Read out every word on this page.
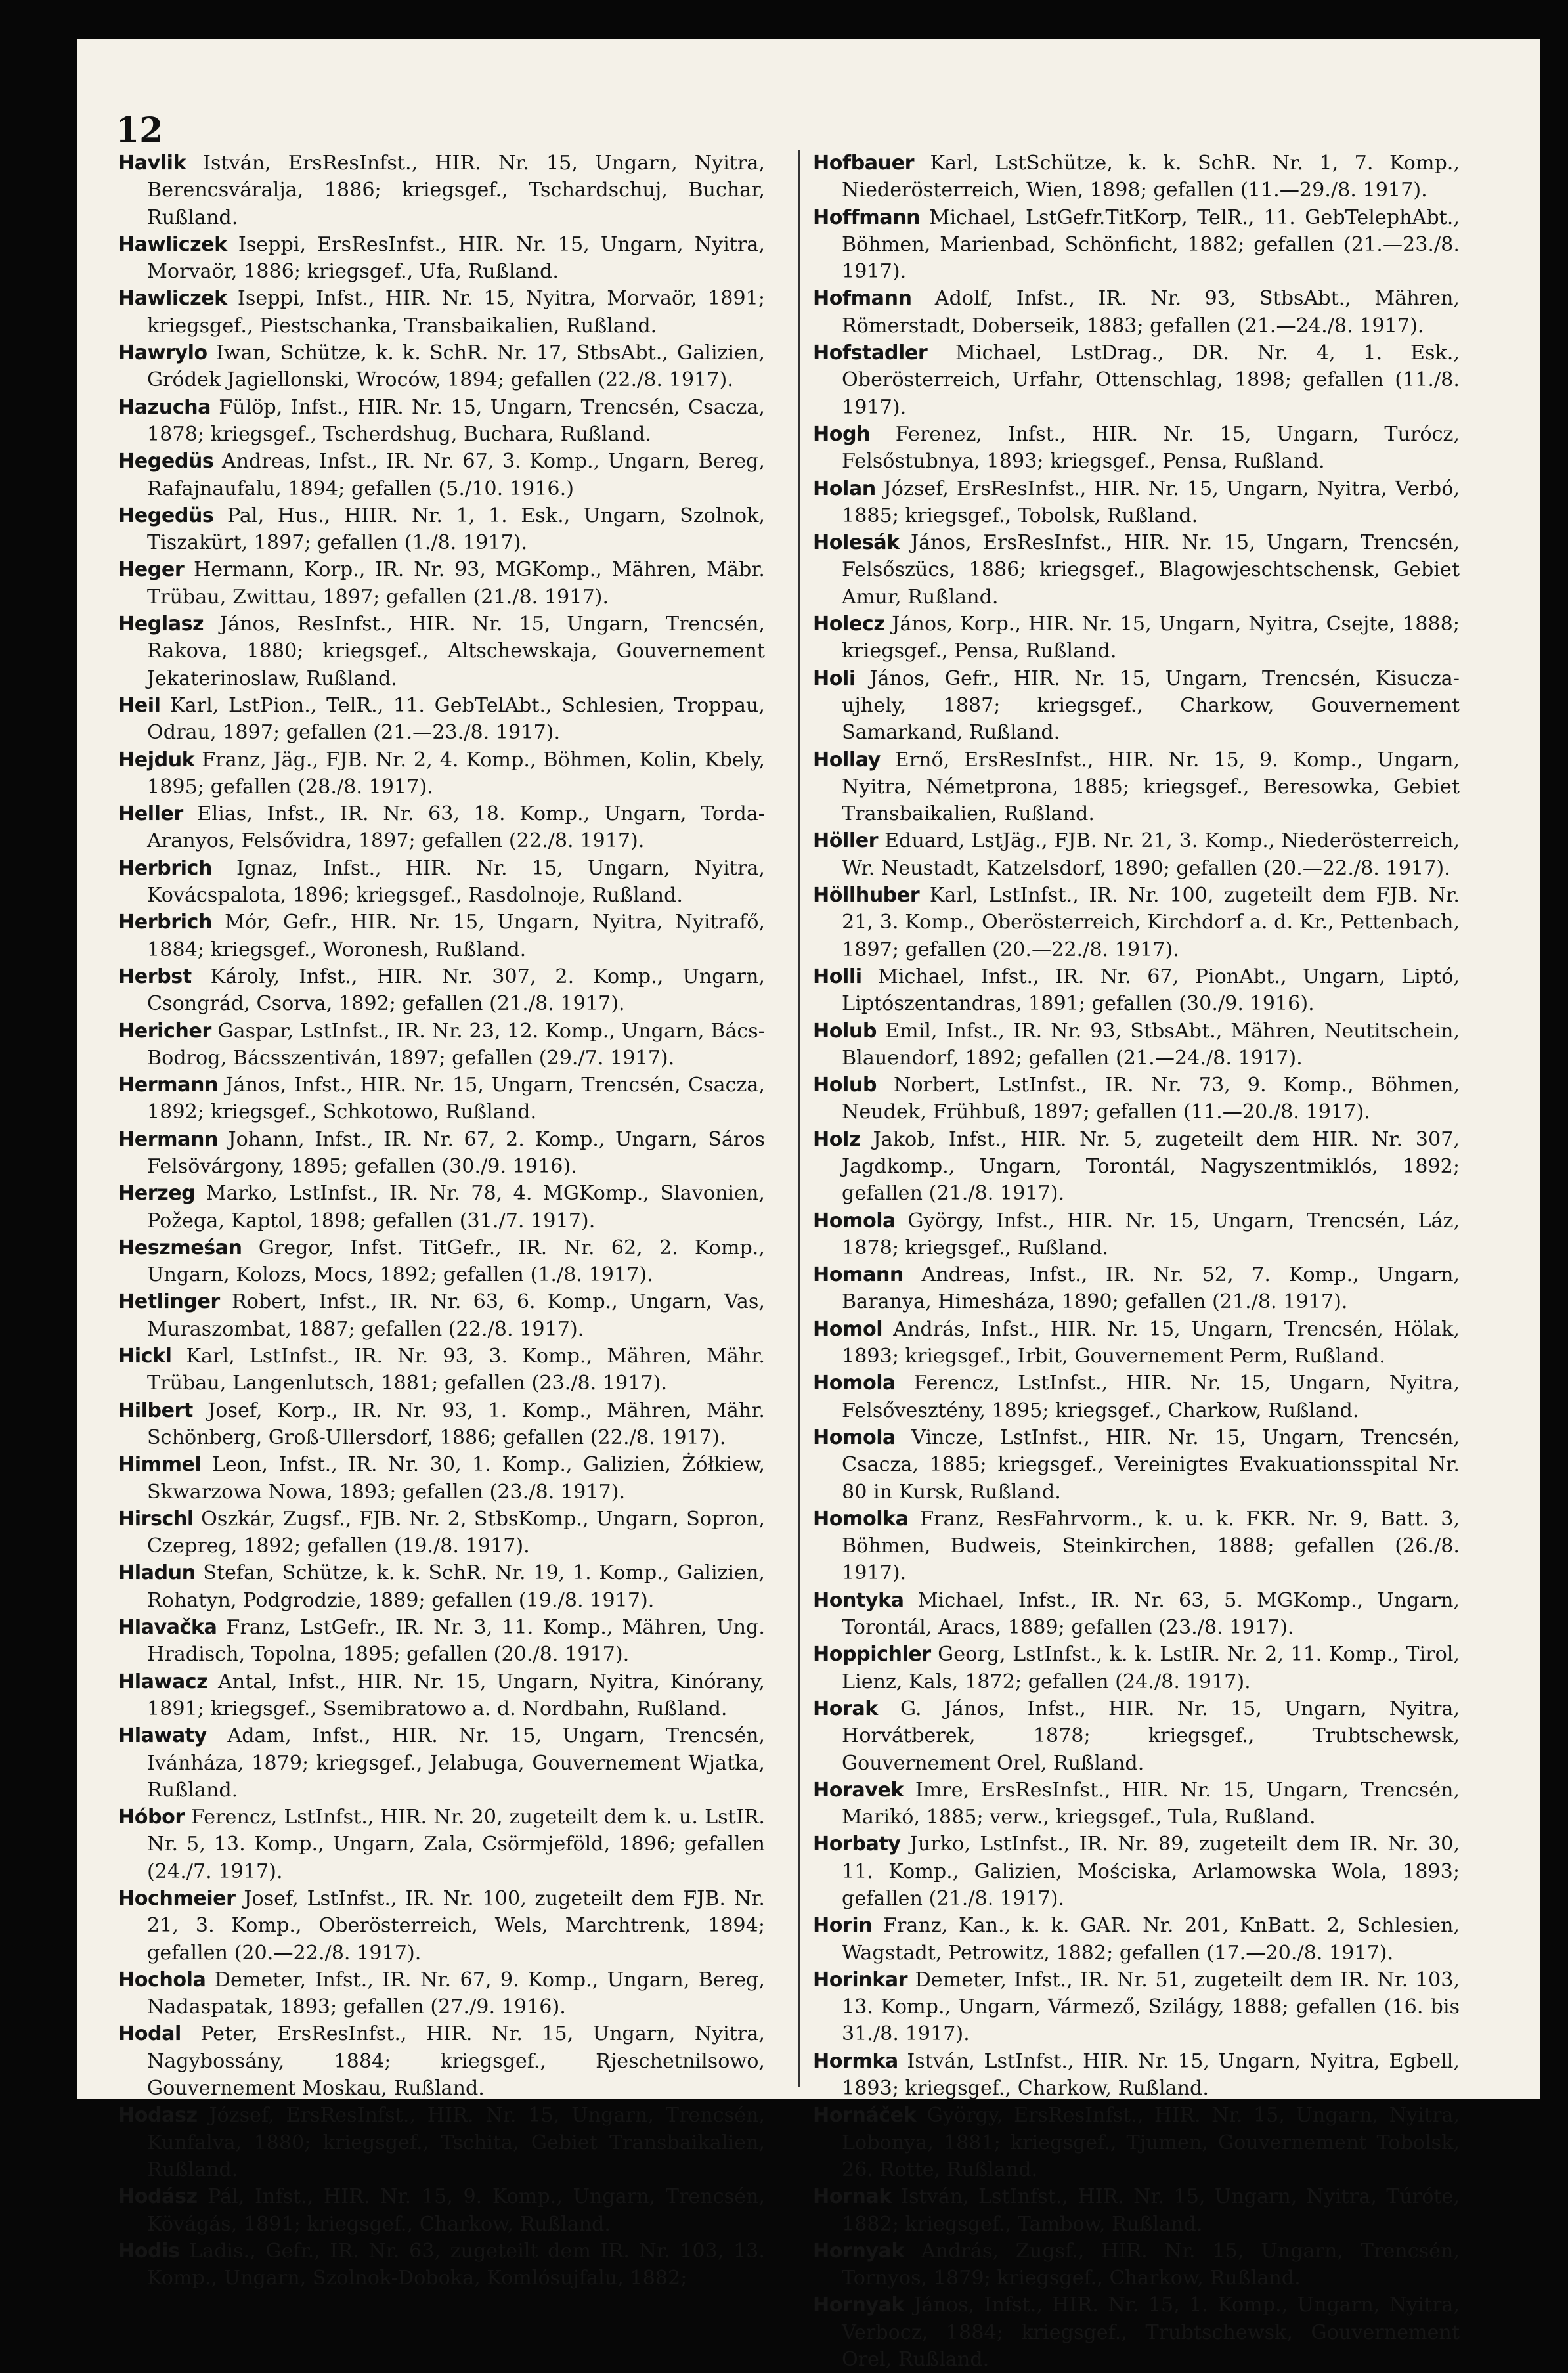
12

Havlik István, ErsResInfst., HIR. Nr. 15, Ungarn, Nyitra, Berencsváralja, 1886; kriegsgef., Tschardschuj, Buchar, Rußland.

Hawliczek Iseppi, ErsResInfst., HIR. Nr. 15, Ungarn, Nyitra, Morvaör, 1886; kriegsgef., Ufa, Rußland.

Hawliczek Iseppi, Infst., HIR. Nr. 15, Nyitra, Morvaör, 1891; kriegsgef., Piestschanka, Transbaikalien, Rußland.

Hawrylo Iwan, Schütze, k. k. SchR. Nr. 17, StbsAbt., Galizien, Gródek Jagiellonski, Wroców, 1894; gefallen (22./8. 1917).

Hazucha Fülöp, Infst., HIR. Nr. 15, Ungarn, Trencsén, Csacza, 1878; kriegsgef., Tscherdshug, Buchara, Rußland.

Hegedüs Andreas, Infst., IR. Nr. 67, 3. Komp., Ungarn, Bereg, Rafajnaufalu, 1894; gefallen (5./10. 1916.)

Hegedüs Pal, Hus., HIIR. Nr. 1, 1. Esk., Ungarn, Szolnok, Tiszakürt, 1897; gefallen (1./8. 1917).

Heger Hermann, Korp., IR. Nr. 93, MGKomp., Mähren, Mäbr. Trübau, Zwittau, 1897; gefallen (21./8. 1917).

Heglasz János, ResInfst., HIR. Nr. 15, Ungarn, Trencsén, Rakova, 1880; kriegsgef., Altschewskaja, Gouvernement Jekaterinoslaw, Rußland.

Heil Karl, LstPion., TelR., 11. GebTelAbt., Schlesien, Troppau, Odrau, 1897; gefallen (21.—23./8. 1917).

Hejduk Franz, Jäg., FJB. Nr. 2, 4. Komp., Böhmen, Kolin, Kbely, 1895; gefallen (28./8. 1917).

Heller Elias, Infst., IR. Nr. 63, 18. Komp., Ungarn, Torda-Aranyos, Felsővidra, 1897; gefallen (22./8. 1917).

Herbrich Ignaz, Infst., HIR. Nr. 15, Ungarn, Nyitra, Kovácspalota, 1896; kriegsgef., Rasdolnoje, Rußland.

Herbrich Mór, Gefr., HIR. Nr. 15, Ungarn, Nyitra, Nyitrafő, 1884; kriegsgef., Woronesh, Rußland.

Herbst Károly, Infst., HIR. Nr. 307, 2. Komp., Ungarn, Csongrád, Csorva, 1892; gefallen (21./8. 1917).

Hericher Gaspar, LstInfst., IR. Nr. 23, 12. Komp., Ungarn, Bács-Bodrog, Bácsszentiván, 1897; gefallen (29./7. 1917).

Hermann János, Infst., HIR. Nr. 15, Ungarn, Trencsén, Csacza, 1892; kriegsgef., Schkotowo, Rußland.

Hermann Johann, Infst., IR. Nr. 67, 2. Komp., Ungarn, Sáros Felsövárgony, 1895; gefallen (30./9. 1916).

Herzeg Marko, LstInfst., IR. Nr. 78, 4. MGKomp., Slavonien, Požega, Kaptol, 1898; gefallen (31./7. 1917).

Heszmeśan Gregor, Infst. TitGefr., IR. Nr. 62, 2. Komp., Ungarn, Kolozs, Mocs, 1892; gefallen (1./8. 1917).

Hetlinger Robert, Infst., IR. Nr. 63, 6. Komp., Ungarn, Vas, Muraszombat, 1887; gefallen (22./8. 1917).

Hickl Karl, LstInfst., IR. Nr. 93, 3. Komp., Mähren, Mähr. Trübau, Langenlutsch, 1881; gefallen (23./8. 1917).

Hilbert Josef, Korp., IR. Nr. 93, 1. Komp., Mähren, Mähr. Schönberg, Groß-Ullersdorf, 1886; gefallen (22./8. 1917).

Himmel Leon, Infst., IR. Nr. 30, 1. Komp., Galizien, Żółkiew, Skwarzowa Nowa, 1893; gefallen (23./8. 1917).

Hirschl Oszkár, Zugsf., FJB. Nr. 2, StbsKomp., Ungarn, Sopron, Czepreg, 1892; gefallen (19./8. 1917).

Hladun Stefan, Schütze, k. k. SchR. Nr. 19, 1. Komp., Galizien, Rohatyn, Podgrodzie, 1889; gefallen (19./8. 1917).

Hlavačka Franz, LstGefr., IR. Nr. 3, 11. Komp., Mähren, Ung. Hradisch, Topolna, 1895; gefallen (20./8. 1917).

Hlawacz Antal, Infst., HIR. Nr. 15, Ungarn, Nyitra, Kinórany, 1891; kriegsgef., Ssemibratowo a. d. Nordbahn, Rußland.

Hlawaty Adam, Infst., HIR. Nr. 15, Ungarn, Trencsén, Ivánháza, 1879; kriegsgef., Jelabuga, Gouvernement Wjatka, Rußland.

Hóbor Ferencz, LstInfst., HIR. Nr. 20, zugeteilt dem k. u. LstIR. Nr. 5, 13. Komp., Ungarn, Zala, Csörmjeföld, 1896; gefallen (24./7. 1917).

Hochmeier Josef, LstInfst., IR. Nr. 100, zugeteilt dem FJB. Nr. 21, 3. Komp., Oberösterreich, Wels, Marchtrenk, 1894; gefallen (20.—22./8. 1917).

Hochola Demeter, Infst., IR. Nr. 67, 9. Komp., Ungarn, Bereg, Nadaspatak, 1893; gefallen (27./9. 1916).

Hodal Peter, ErsResInfst., HIR. Nr. 15, Ungarn, Nyitra, Nagybossány, 1884; kriegsgef., Rjeschetnilsowo, Gouvernement Moskau, Rußland.

Hodasz József, ErsResInfst., HIR. Nr. 15, Ungarn, Trencsén, Kunfalva, 1880; kriegsgef., Tschita, Gebiet Transbaikalien, Rußland.

Hodász Pál, Infst., HIR. Nr. 15, 9. Komp., Ungarn, Trencsén, Kövágás, 1891; kriegsgef., Charkow, Rußland.

Hodis Ladis., Gefr., IR. Nr. 63, zugeteilt dem IR. Nr. 103, 13. Komp., Ungarn, Szolnok-Doboka, Komlósujfalu, 1882;

Hofbauer Karl, LstSchütze, k. k. SchR. Nr. 1, 7. Komp., Niederösterreich, Wien, 1898; gefallen (11.—29./8. 1917).

Hoffmann Michael, LstGefr.TitKorp, TelR., 11. GebTelephAbt., Böhmen, Marienbad, Schönficht, 1882; gefallen (21.—23./8. 1917).

Hofmann Adolf, Infst., IR. Nr. 93, StbsAbt., Mähren, Römerstadt, Doberseik, 1883; gefallen (21.—24./8. 1917).

Hofstadler Michael, LstDrag., DR. Nr. 4, 1. Esk., Oberösterreich, Urfahr, Ottenschlag, 1898; gefallen (11./8. 1917).

Hogh Ferenez, Infst., HIR. Nr. 15, Ungarn, Turócz, Felsőstubnya, 1893; kriegsgef., Pensa, Rußland.

Holan József, ErsResInfst., HIR. Nr. 15, Ungarn, Nyitra, Verbó, 1885; kriegsgef., Tobolsk, Rußland.

Holesák János, ErsResInfst., HIR. Nr. 15, Ungarn, Trencsén, Felsőszücs, 1886; kriegsgef., Blagowjeschtschensk, Gebiet Amur, Rußland.

Holecz János, Korp., HIR. Nr. 15, Ungarn, Nyitra, Csejte, 1888; kriegsgef., Pensa, Rußland.

Holi János, Gefr., HIR. Nr. 15, Ungarn, Trencsén, Kisucza-ujhely, 1887; kriegsgef., Charkow, Gouvernement Samarkand, Rußland.

Hollay Ernő, ErsResInfst., HIR. Nr. 15, 9. Komp., Ungarn, Nyitra, Németprona, 1885; kriegsgef., Beresowka, Gebiet Transbaikalien, Rußland.

Höller Eduard, LstJäg., FJB. Nr. 21, 3. Komp., Niederösterreich, Wr. Neustadt, Katzelsdorf, 1890; gefallen (20.—22./8. 1917).

Höllhuber Karl, LstInfst., IR. Nr. 100, zugeteilt dem FJB. Nr. 21, 3. Komp., Oberösterreich, Kirchdorf a. d. Kr., Pettenbach, 1897; gefallen (20.—22./8. 1917).

Holli Michael, Infst., IR. Nr. 67, PionAbt., Ungarn, Liptó, Liptószentandras, 1891; gefallen (30./9. 1916).

Holub Emil, Infst., IR. Nr. 93, StbsAbt., Mähren, Neutitschein, Blauendorf, 1892; gefallen (21.—24./8. 1917).

Holub Norbert, LstInfst., IR. Nr. 73, 9. Komp., Böhmen, Neudek, Frühbuß, 1897; gefallen (11.—20./8. 1917).

Holz Jakob, Infst., HIR. Nr. 5, zugeteilt dem HIR. Nr. 307, Jagdkomp., Ungarn, Torontál, Nagyszentmiklós, 1892; gefallen (21./8. 1917).

Homola György, Infst., HIR. Nr. 15, Ungarn, Trencsén, Láz, 1878; kriegsgef., Rußland.

Homann Andreas, Infst., IR. Nr. 52, 7. Komp., Ungarn, Baranya, Himesháza, 1890; gefallen (21./8. 1917).

Homol András, Infst., HIR. Nr. 15, Ungarn, Trencsén, Hölak, 1893; kriegsgef., Irbit, Gouvernement Perm, Rußland.

Homola Ferencz, LstInfst., HIR. Nr. 15, Ungarn, Nyitra, Felsővesztény, 1895; kriegsgef., Charkow, Rußland.

Homola Vincze, LstInfst., HIR. Nr. 15, Ungarn, Trencsén, Csacza, 1885; kriegsgef., Vereinigtes Evakuationsspital Nr. 80 in Kursk, Rußland.

Homolka Franz, ResFahrvorm., k. u. k. FKR. Nr. 9, Batt. 3, Böhmen, Budweis, Steinkirchen, 1888; gefallen (26./8. 1917).

Hontyka Michael, Infst., IR. Nr. 63, 5. MGKomp., Ungarn, Torontál, Aracs, 1889; gefallen (23./8. 1917).

Hoppichler Georg, LstInfst., k. k. LstIR. Nr. 2, 11. Komp., Tirol, Lienz, Kals, 1872; gefallen (24./8. 1917).

Horak G. János, Infst., HIR. Nr. 15, Ungarn, Nyitra, Horvátberek, 1878; kriegsgef., Trubtschewsk, Gouvernement Orel, Rußland.

Horavek Imre, ErsResInfst., HIR. Nr. 15, Ungarn, Trencsén, Marikó, 1885; verw., kriegsgef., Tula, Rußland.

Horbaty Jurko, LstInfst., IR. Nr. 89, zugeteilt dem IR. Nr. 30, 11. Komp., Galizien, Mościska, Arlamowska Wola, 1893; gefallen (21./8. 1917).

Horin Franz, Kan., k. k. GAR. Nr. 201, KnBatt. 2, Schlesien, Wagstadt, Petrowitz, 1882; gefallen (17.—20./8. 1917).

Horinkar Demeter, Infst., IR. Nr. 51, zugeteilt dem IR. Nr. 103, 13. Komp., Ungarn, Vármező, Szilágy, 1888; gefallen (16. bis 31./8. 1917).

Hormka István, LstInfst., HIR. Nr. 15, Ungarn, Nyitra, Egbell, 1893; kriegsgef., Charkow, Rußland.

Hornáček György, ErsResInfst., HIR. Nr. 15, Ungarn, Nyitra, Lobonya, 1881; kriegsgef., Tjumen, Gouvernement Tobolsk, 26. Rotte, Rußland.

Hornak István, LstInfst., HIR. Nr. 15, Ungarn, Nyitra, Túróte, 1882; kriegsgef., Tambow, Rußland.

Hornyak András, Zugsf., HIR. Nr. 15, Ungarn, Trencsén, Tornyos, 1879; kriegsgef., Charkow, Rußland.

Hornyak János, Infst., HIR. Nr. 15, 1. Komp., Ungarn, Nyitra, Verbocz, 1884; kriegsgef., Trubtschewsk, Gouvernement Orel, Rußland.
